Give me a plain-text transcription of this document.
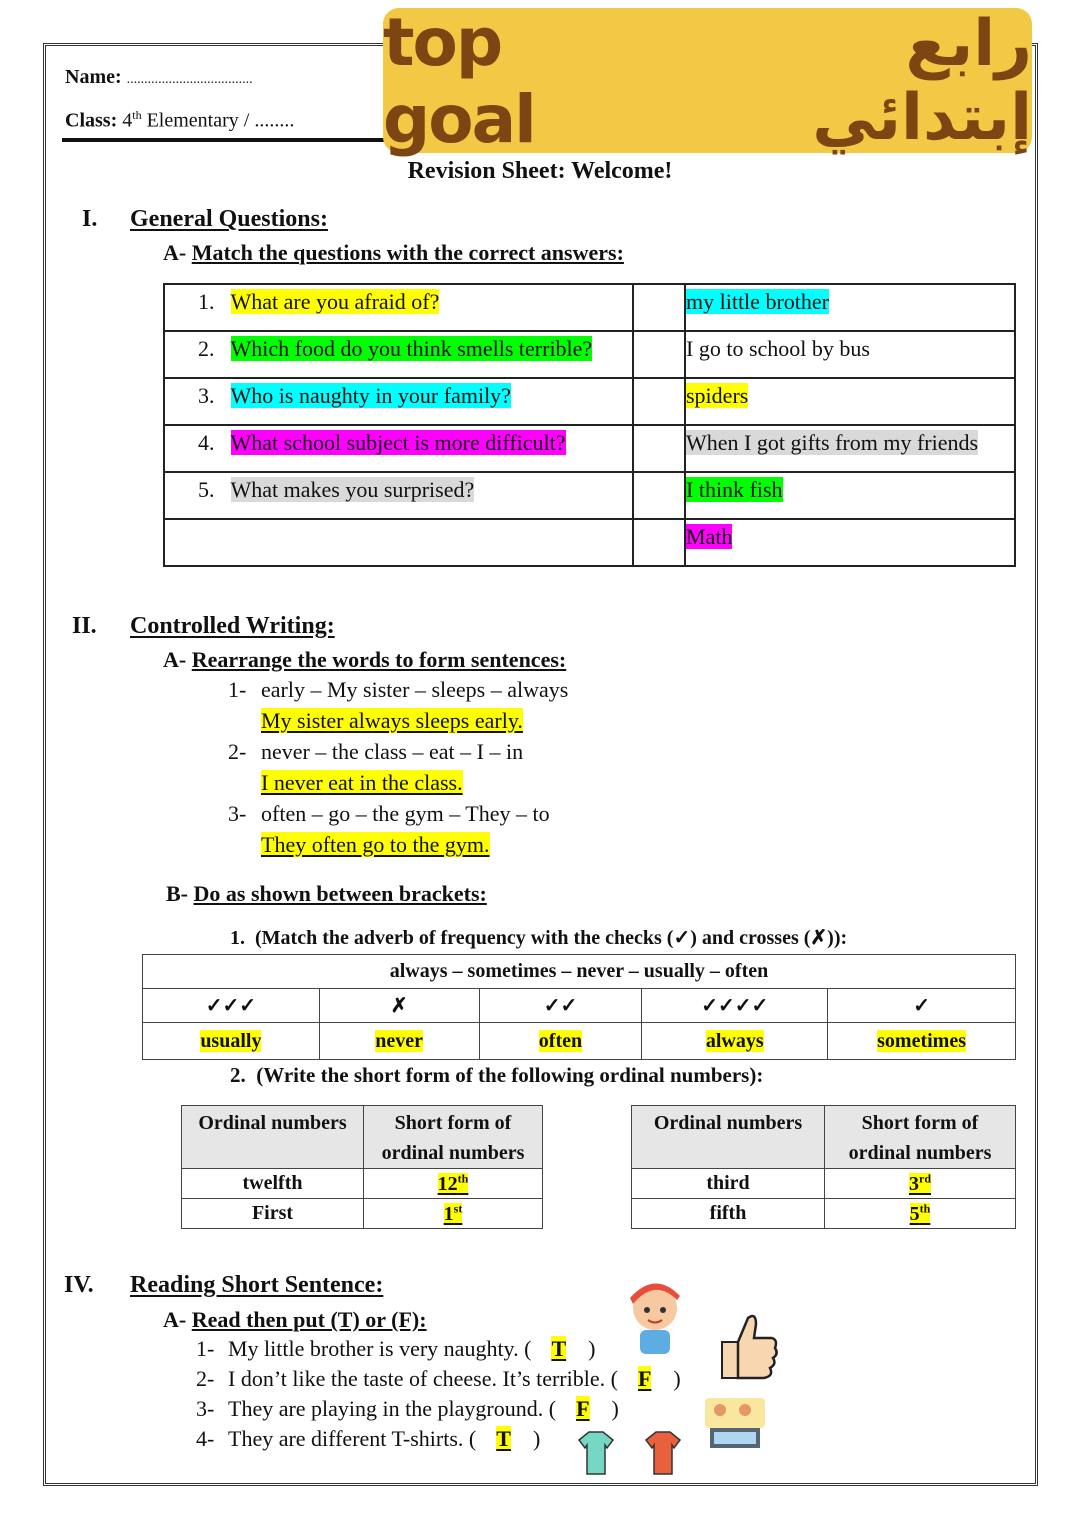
Name: ....................................
Class: 4th Elementary / ........
رابع إبتدائي
top goal
Revision Sheet: Welcome!
I. General Questions:
A- Match the questions with the correct answers:
1. What are you afraid of?		my little brother
2. Which food do you think smells terrible?		I go to school by bus
3. Who is naughty in your family?		spiders
4. What school subject is more difficult?		When I got gifts from my friends
5. What makes you surprised?		I think fish
		Math
II. Controlled Writing:
A- Rearrange the words to form sentences:
1- early – My sister – sleeps – always
My sister always sleeps early.
2- never – the class – eat – I – in
I never eat in the class.
3- often – go – the gym – They – to
They often go to the gym.
B- Do as shown between brackets:
1. (Match the adverb of frequency with the checks (✓) and crosses (✗)):
always – sometimes – never – usually – often				
✓✓✓	✗	✓✓	✓✓✓✓	✓
usually	never	often	always	sometimes
2. (Write the short form of the following ordinal numbers):
Ordinal numbers	Short form of
ordinal numbers
twelfth	12th
First	1st
Ordinal numbers	Short form of
ordinal numbers
third	3rd
fifth	5th
IV. Reading Short Sentence:
A- Read then put (T) or (F):
1- My little brother is very naughty. ( T )
2- I don’t like the taste of cheese. It’s terrible. ( F )
3- They are playing in the playground. ( F )
4- They are different T-shirts. ( T )
